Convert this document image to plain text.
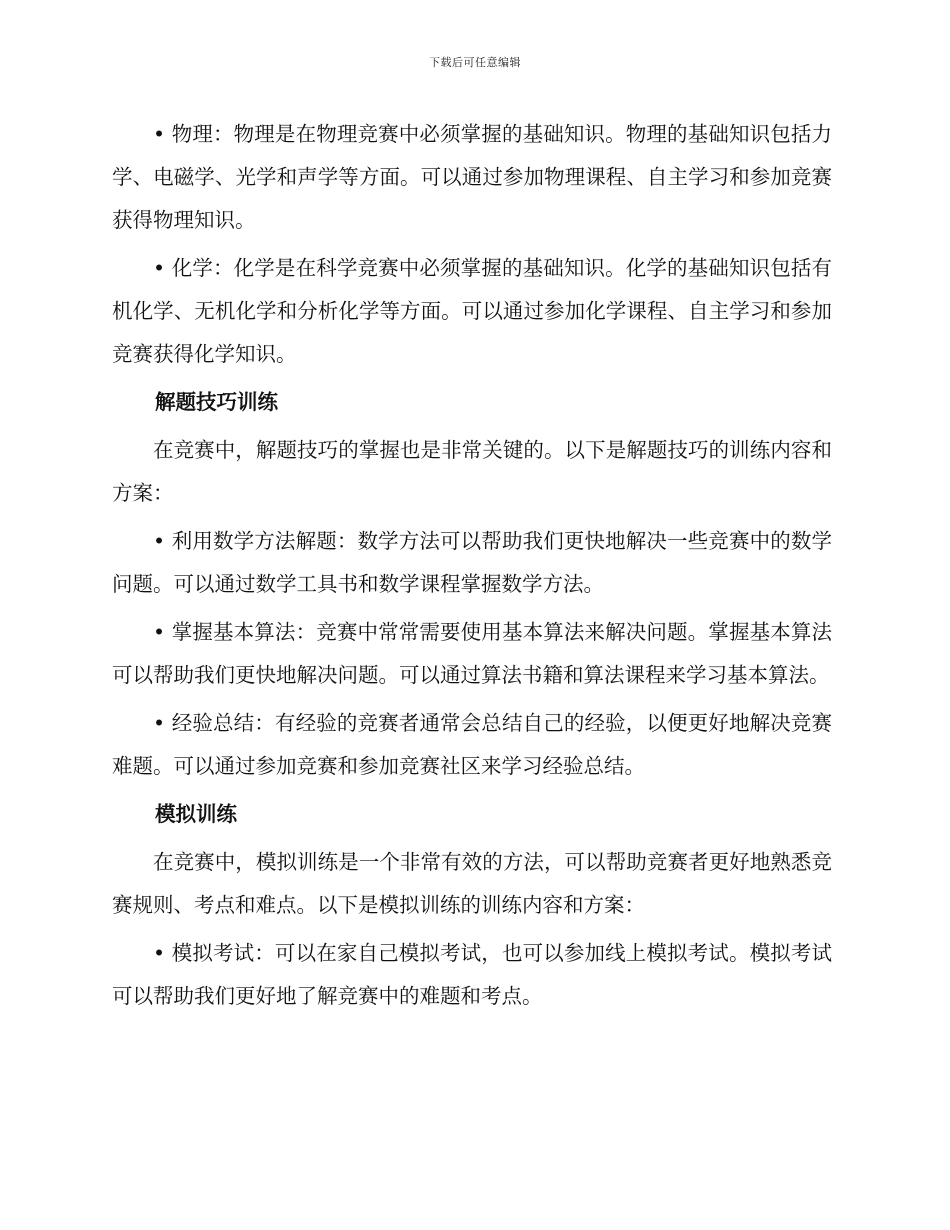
下载后可任意编辑

• 物理：物理是在物理竞赛中必须掌握的基础知识。物理的基础知识包括力学、电磁学、光学和声学等方面。可以通过参加物理课程、自主学习和参加竞赛获得物理知识。

• 化学：化学是在科学竞赛中必须掌握的基础知识。化学的基础知识包括有机化学、无机化学和分析化学等方面。可以通过参加化学课程、自主学习和参加竞赛获得化学知识。

解题技巧训练

在竞赛中，解题技巧的掌握也是非常关键的。以下是解题技巧的训练内容和方案：

• 利用数学方法解题：数学方法可以帮助我们更快地解决一些竞赛中的数学问题。可以通过数学工具书和数学课程掌握数学方法。

• 掌握基本算法：竞赛中常常需要使用基本算法来解决问题。掌握基本算法可以帮助我们更快地解决问题。可以通过算法书籍和算法课程来学习基本算法。

• 经验总结：有经验的竞赛者通常会总结自己的经验，以便更好地解决竞赛难题。可以通过参加竞赛和参加竞赛社区来学习经验总结。

模拟训练

在竞赛中，模拟训练是一个非常有效的方法，可以帮助竞赛者更好地熟悉竞赛规则、考点和难点。以下是模拟训练的训练内容和方案：

• 模拟考试：可以在家自己模拟考试，也可以参加线上模拟考试。模拟考试可以帮助我们更好地了解竞赛中的难题和考点。
